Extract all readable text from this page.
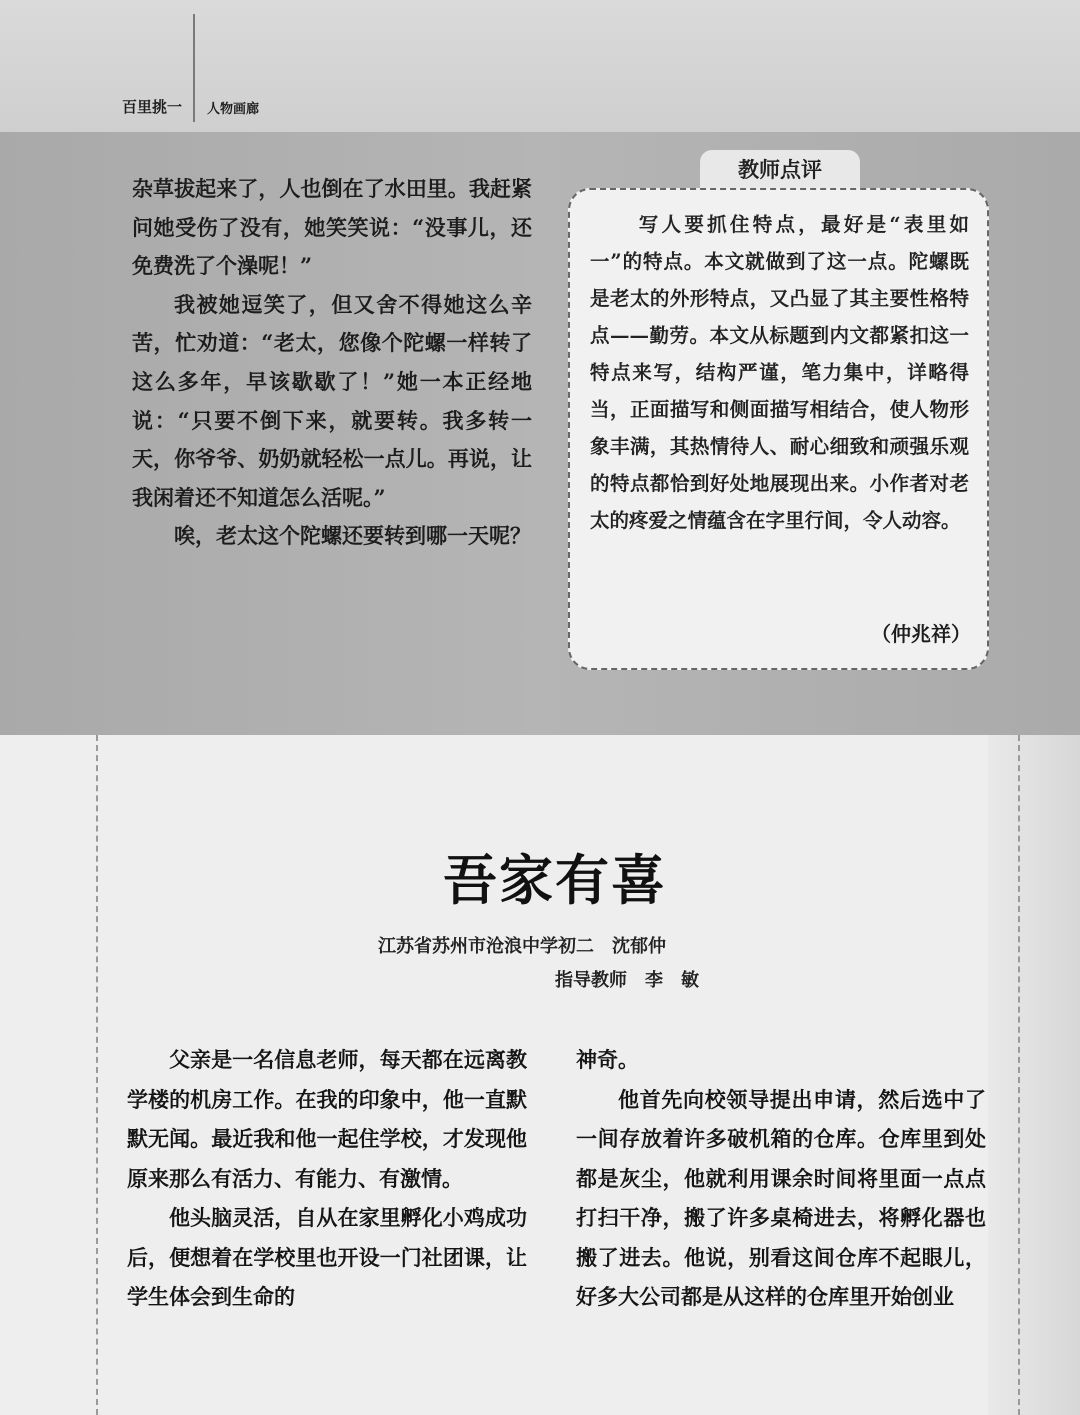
百里挑一 人物画廊

杂草拔起来了，人也倒在了水田里。我赶紧问她受伤了没有，她笑笑说：“没事儿，还免费洗了个澡呢！”

我被她逗笑了，但又舍不得她这么辛苦，忙劝道：“老太，您像个陀螺一样转了这么多年，早该歇歇了！”她一本正经地说：“只要不倒下来，就要转。我多转一天，你爷爷、奶奶就轻松一点儿。再说，让我闲着还不知道怎么活呢。”

唉，老太这个陀螺还要转到哪一天呢？

教师点评

写人要抓住特点，最好是“表里如一”的特点。本文就做到了这一点。陀螺既是老太的外形特点，又凸显了其主要性格特点——勤劳。本文从标题到内文都紧扣这一特点来写，结构严谨，笔力集中，详略得当，正面描写和侧面描写相结合，使人物形象丰满，其热情待人、耐心细致和顽强乐观的特点都恰到好处地展现出来。小作者对老太的疼爱之情蕴含在字里行间，令人动容。

（仲兆祥）
吾家有喜
江苏省苏州市沧浪中学初二　沈郁仲
指导教师　李　敏

父亲是一名信息老师，每天都在远离教学楼的机房工作。在我的印象中，他一直默默无闻。最近我和他一起住学校，才发现他原来那么有活力、有能力、有激情。

他头脑灵活，自从在家里孵化小鸡成功后，便想着在学校里也开设一门社团课，让学生体会到生命的

神奇。

他首先向校领导提出申请，然后选中了一间存放着许多破机箱的仓库。仓库里到处都是灰尘，他就利用课余时间将里面一点点打扫干净，搬了许多桌椅进去，将孵化器也搬了进去。他说，别看这间仓库不起眼儿，好多大公司都是从这样的仓库里开始创业
